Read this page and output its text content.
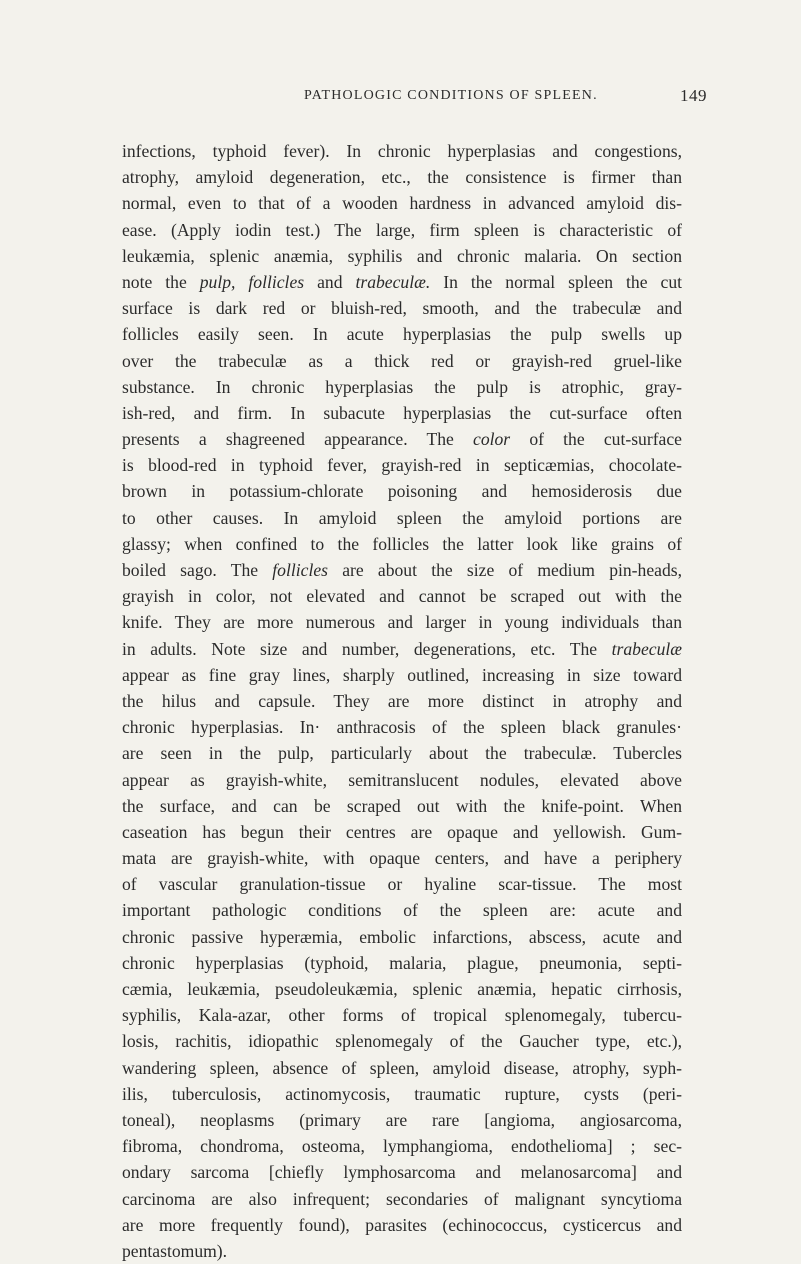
PATHOLOGIC CONDITIONS OF SPLEEN.	149
infections, typhoid fever). In chronic hyperplasias and congestions,
atrophy, amyloid degeneration, etc., the consistence is firmer than
normal, even to that of a wooden hardness in advanced amyloid dis-
ease. (Apply iodin test.) The large, firm spleen is characteristic of
leukæmia, splenic anæmia, syphilis and chronic malaria. On section
note the pulp, follicles and trabeculæ. In the normal spleen the cut
surface is dark red or bluish-red, smooth, and the trabeculæ and
follicles easily seen. In acute hyperplasias the pulp swells up
over the trabeculæ as a thick red or grayish-red gruel-like
substance. In chronic hyperplasias the pulp is atrophic, gray-
ish-red, and firm. In subacute hyperplasias the cut-surface often
presents a shagreened appearance. The color of the cut-surface
is blood-red in typhoid fever, grayish-red in septicæmias, chocolate-
brown in potassium-chlorate poisoning and hemosiderosis due
to other causes. In amyloid spleen the amyloid portions are
glassy; when confined to the follicles the latter look like grains of
boiled sago. The follicles are about the size of medium pin-heads,
grayish in color, not elevated and cannot be scraped out with the
knife. They are more numerous and larger in young individuals than
in adults. Note size and number, degenerations, etc. The trabeculæ
appear as fine gray lines, sharply outlined, increasing in size toward
the hilus and capsule. They are more distinct in atrophy and
chronic hyperplasias. In· anthracosis of the spleen black granules·
are seen in the pulp, particularly about the trabeculæ. Tubercles
appear as grayish-white, semitranslucent nodules, elevated above
the surface, and can be scraped out with the knife-point. When
caseation has begun their centres are opaque and yellowish. Gum-
mata are grayish-white, with opaque centers, and have a periphery
of vascular granulation-tissue or hyaline scar-tissue. The most
important pathologic conditions of the spleen are: acute and
chronic passive hyperæmia, embolic infarctions, abscess, acute and
chronic hyperplasias (typhoid, malaria, plague, pneumonia, septi-
cæmia, leukæmia, pseudoleukæmia, splenic anæmia, hepatic cirrhosis,
syphilis, Kala-azar, other forms of tropical splenomegaly, tubercu-
losis, rachitis, idiopathic splenomegaly of the Gaucher type, etc.),
wandering spleen, absence of spleen, amyloid disease, atrophy, syph-
ilis, tuberculosis, actinomycosis, traumatic rupture, cysts (peri-
toneal), neoplasms (primary are rare [angioma, angiosarcoma,
fibroma, chondroma, osteoma, lymphangioma, endothelioma] ; sec-
ondary sarcoma [chiefly lymphosarcoma and melanosarcoma] and
carcinoma are also infrequent; secondaries of malignant syncytioma
are more frequently found), parasites (echinococcus, cysticercus and
pentastomum).
